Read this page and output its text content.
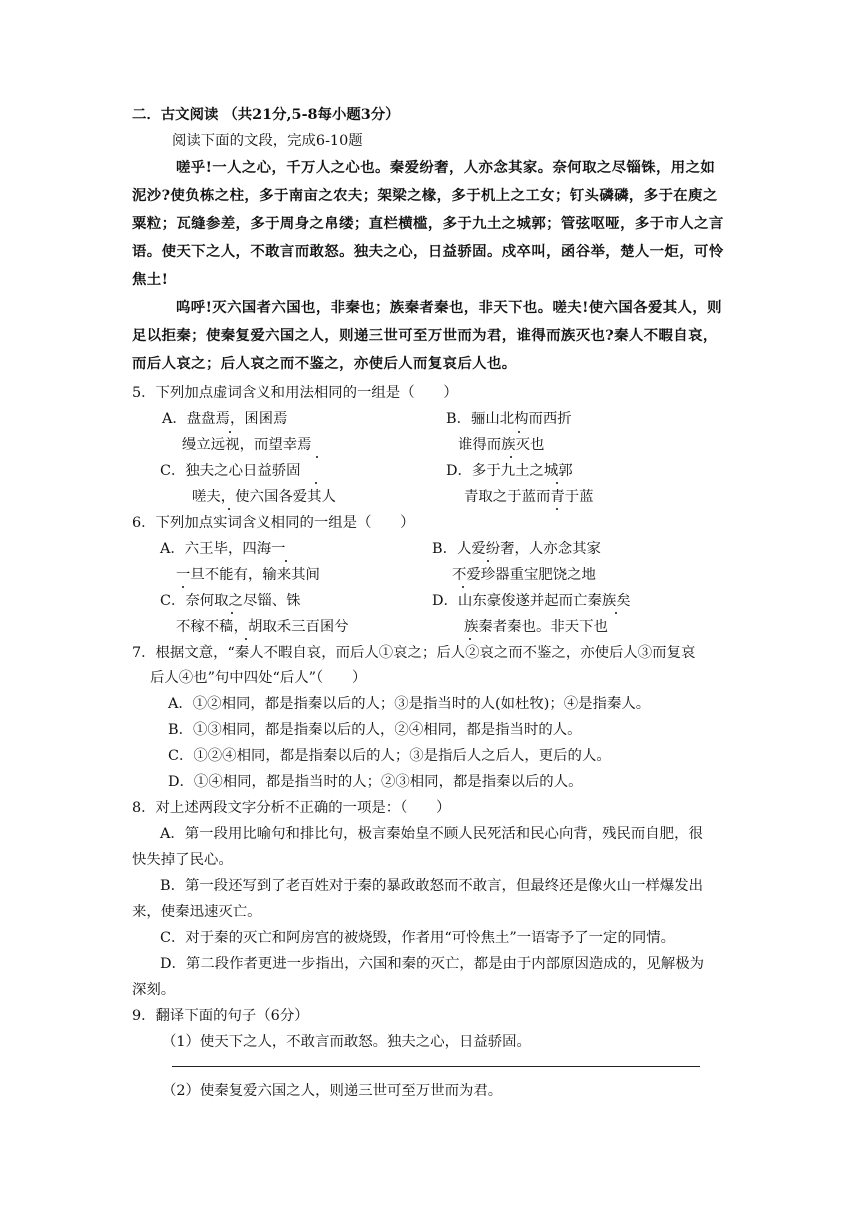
二．古文阅读 （共21分,5-8每小题3分）

阅读下面的文段，完成6-10题

嗟乎!一人之心，千万人之心也。秦爱纷奢，人亦念其家。奈何取之尽锱铢，用之如

泥沙?使负栋之柱，多于南亩之农夫；架梁之椽，多于机上之工女；钉头磷磷，多于在庾之

粟粒；瓦缝参差，多于周身之帛缕；直栏横槛，多于九土之城郭；管弦呕哑，多于市人之言

语。使天下之人，不敢言而敢怒。独夫之心，日益骄固。戍卒叫，函谷举，楚人一炬，可怜

焦土!

呜呼!灭六国者六国也，非秦也；族秦者秦也，非天下也。嗟夫!使六国各爱其人，则

足以拒秦；使秦复爱六国之人，则递三世可至万世而为君，谁得而族灭也?秦人不暇自哀，

而后人哀之；后人哀之而不鉴之，亦使后人而复哀后人也。

5．下列加点虚词含义和用法相同的一组是（　　）

A．盘盘焉，囷囷焉

缦立远视，而望幸焉

B．骊山北构而西折

谁得而族灭也

C．独夫之心日益骄固

嗟夫，使六国各爱其人

D．多于九土之城郭

青取之于蓝而青于蓝

6．下列加点实词含义相同的一组是（　　）

A．六王毕，四海一

一旦不能有，输来其间

B．人爱纷奢，人亦念其家

不爱珍器重宝肥饶之地

C．奈何取之尽锱、铢

不稼不穑，胡取禾三百囷兮

D．山东豪俊遂并起而亡秦族矣

族秦者秦也。非天下也

7．根据文意，“秦人不暇自哀，而后人①哀之；后人②哀之而不鉴之，亦使后人③而复哀

后人④也”句中四处“后人”（　　）

A．①②相同，都是指秦以后的人；③是指当时的人(如杜牧)；④是指秦人。

B．①③相同，都是指秦以后的人，②④相同，都是指当时的人。

C．①②④相同，都是指秦以后的人；③是指后人之后人，更后的人。

D．①④相同，都是指当时的人；②③相同，都是指秦以后的人。

8．对上述两段文字分析不正确的一项是：（　　）

A．第一段用比喻句和排比句，极言秦始皇不顾人民死活和民心向背，残民而自肥，很

快失掉了民心。

B．第一段还写到了老百姓对于秦的暴政敢怒而不敢言，但最终还是像火山一样爆发出

来，使秦迅速灭亡。

C．对于秦的灭亡和阿房宫的被烧毁，作者用“可怜焦土”一语寄予了一定的同情。

D．第二段作者更进一步指出，六国和秦的灭亡，都是由于内部原因造成的，见解极为

深刻。

9．翻译下面的句子（6分）

（1）使天下之人，不敢言而敢怒。独夫之心，日益骄固。

（2）使秦复爱六国之人，则递三世可至万世而为君。
